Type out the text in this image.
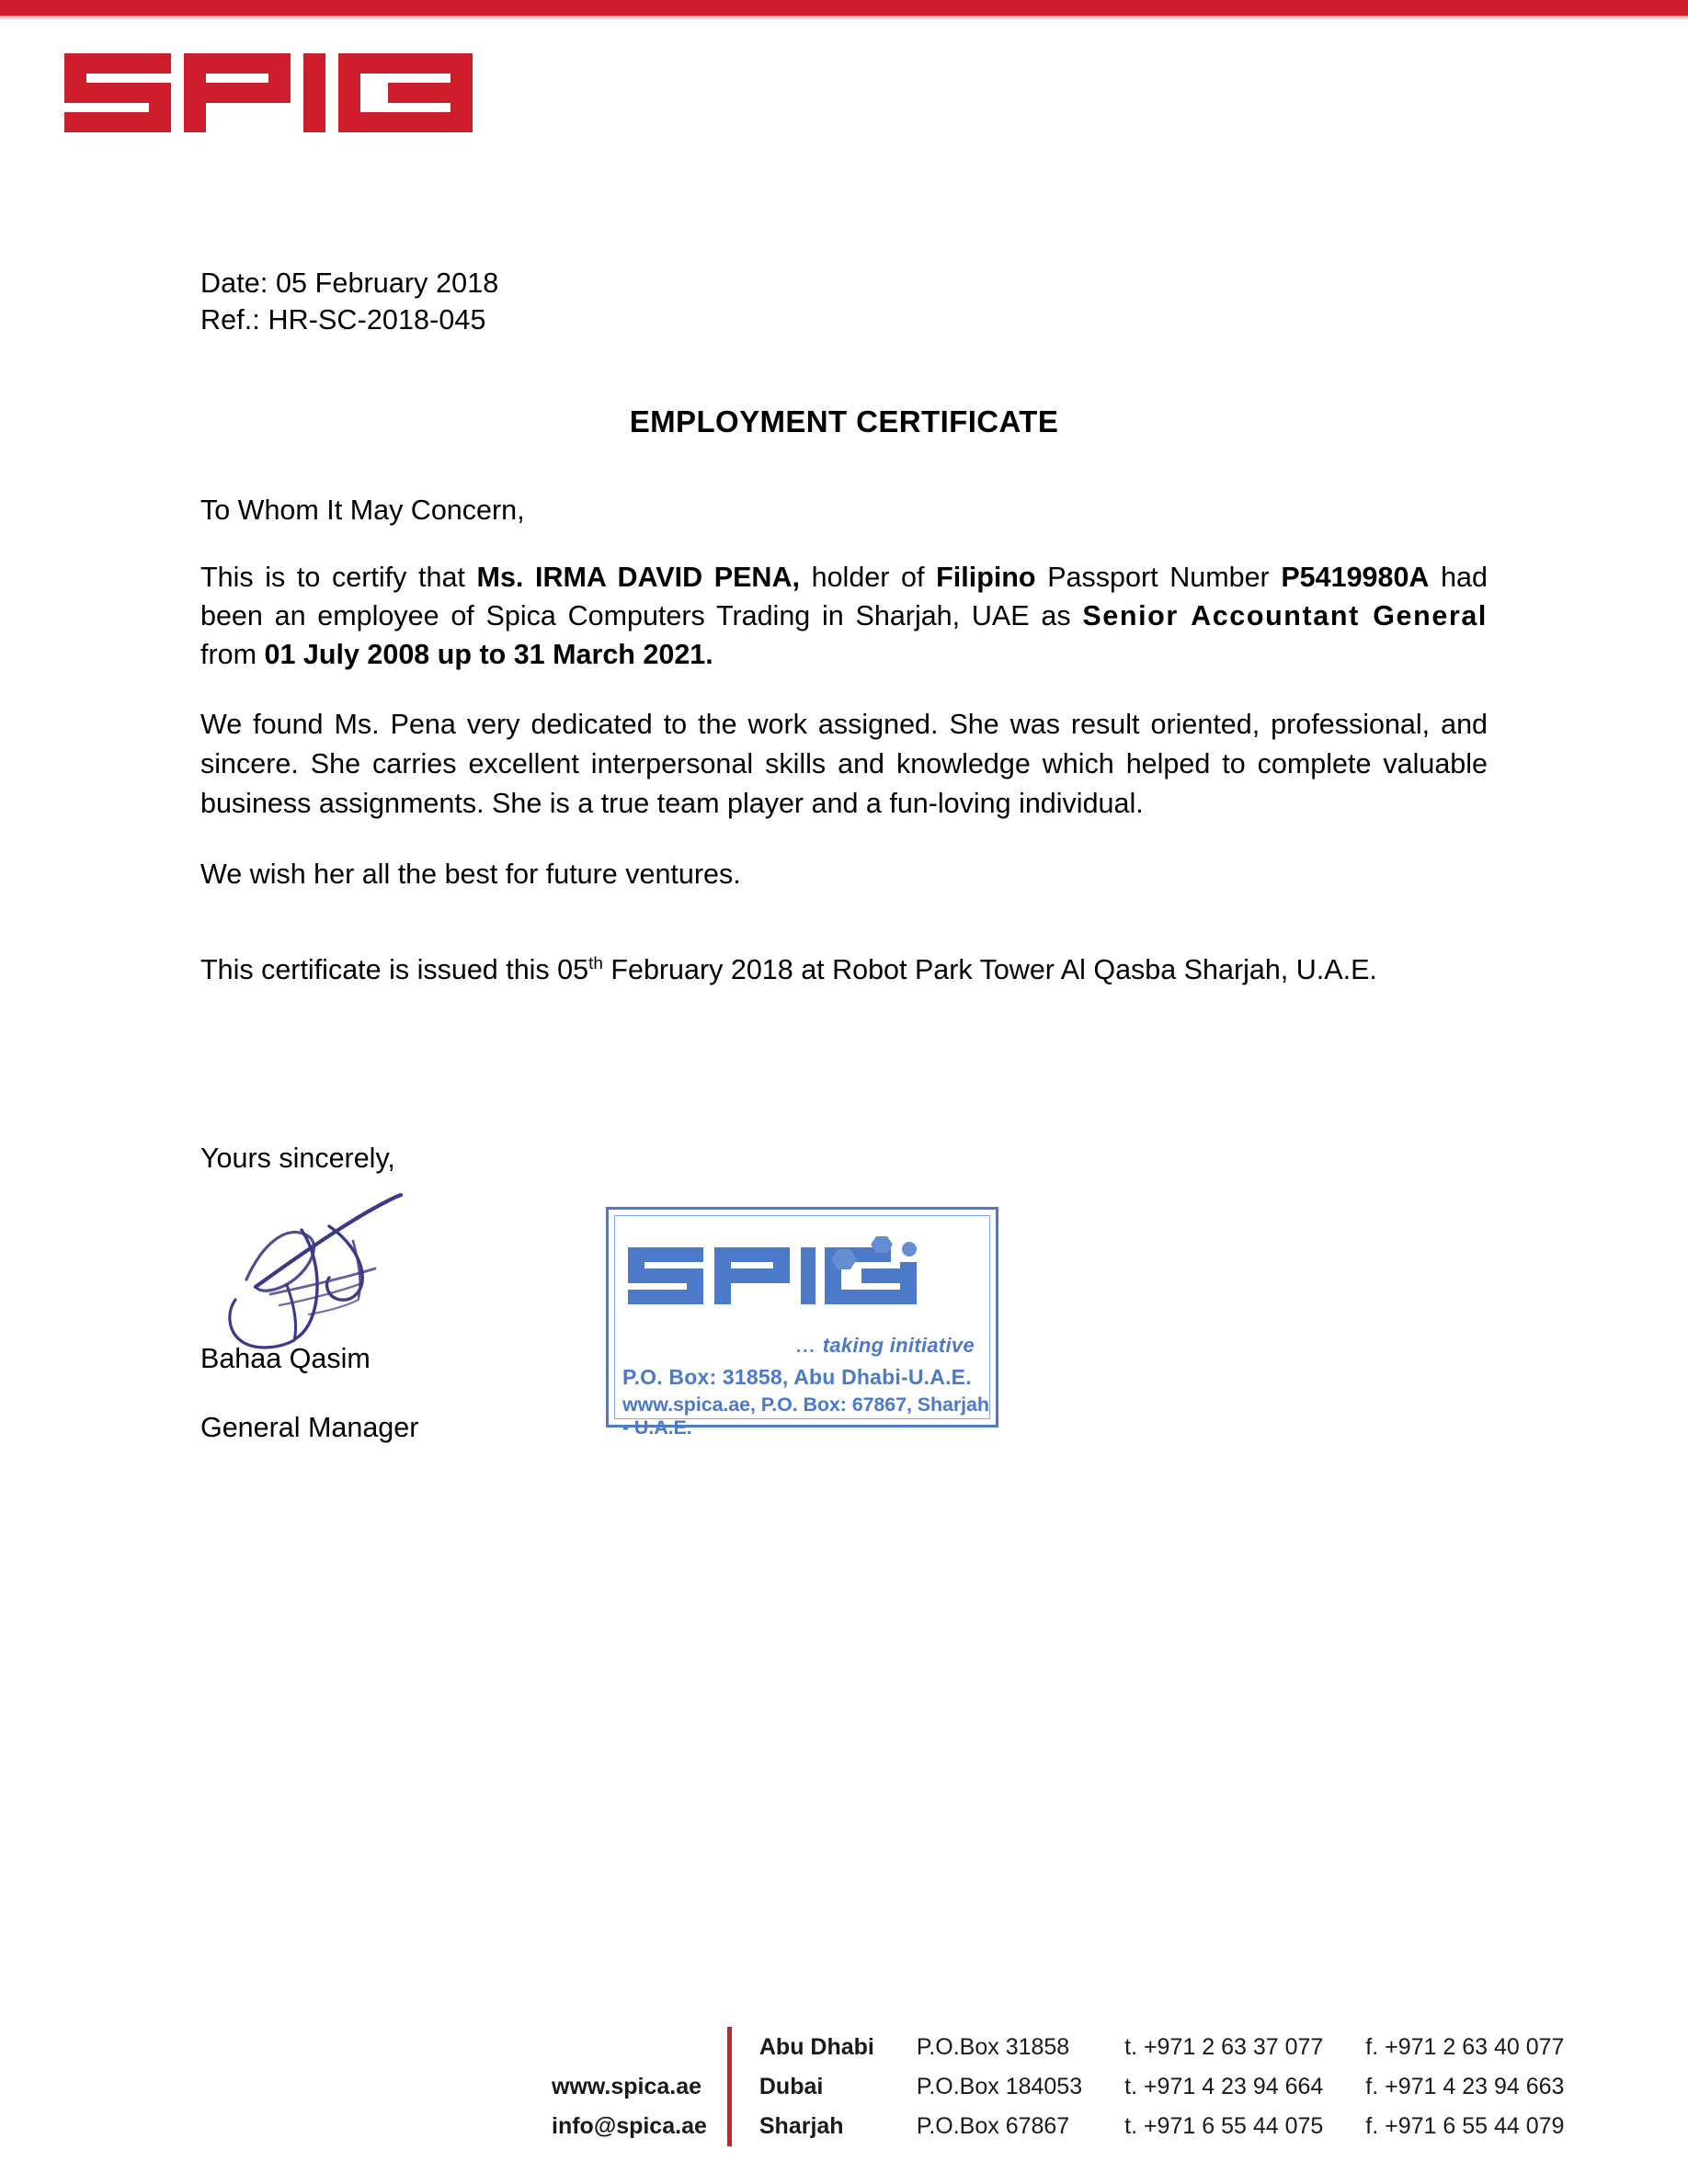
Date: 05 February 2018
Ref.: HR-SC-2018-045
EMPLOYMENT CERTIFICATE
To Whom It May Concern,
This is to certify that Ms. IRMA DAVID PENA, holder of Filipino Passport Number P5419980A had been an employee of Spica Computers Trading in Sharjah, UAE as Senior Accountant General from 01 July 2008 up to 31 March 2021.
We found Ms. Pena very dedicated to the work assigned. She was result oriented, professional, and sincere. She carries excellent interpersonal skills and knowledge which helped to complete valuable business assignments. She is a true team player and a fun-loving individual.
We wish her all the best for future ventures.
This certificate is issued this 05th February 2018 at Robot Park Tower Al Qasba Sharjah, U.A.E.
Yours sincerely,
Bahaa Qasim
General Manager
... taking initiative
P.O. Box: 31858, Abu Dhabi-U.A.E.
www.spica.ae, P.O. Box: 67867, Sharjah - U.A.E.
www.spica.ae
info@spica.ae
Abu Dhabi	P.O.Box 31858	t. +971 2 63 37 077	f. +971 2 63 40 077
Dubai	P.O.Box 184053	t. +971 4 23 94 664	f. +971 4 23 94 663
Sharjah	P.O.Box 67867	t. +971 6 55 44 075	f. +971 6 55 44 079
